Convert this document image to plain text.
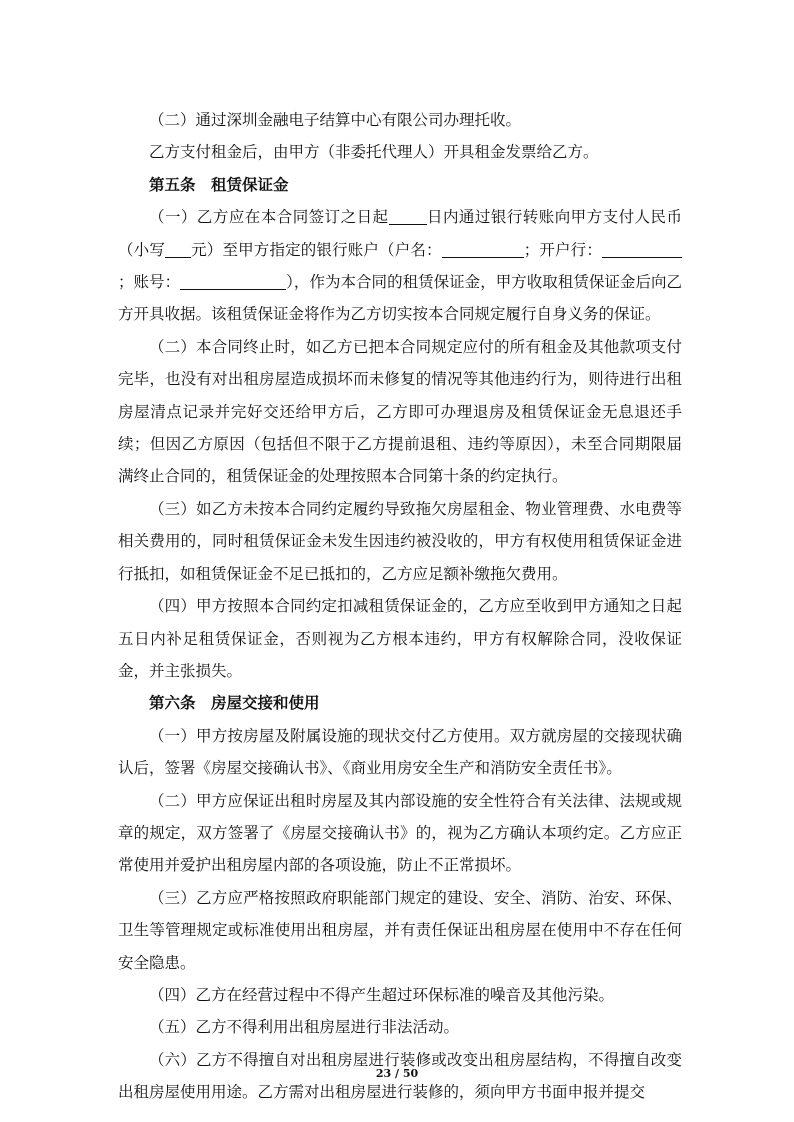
（二）通过深圳金融电子结算中心有限公司办理托收。

乙方支付租金后，由甲方（非委托代理人）开具租金发票给乙方。

第五条　租赁保证金

（一）乙方应在本合同签订之日起 日内通过银行转账向甲方支付人民币（小写 元）至甲方指定的银行账户（户名：	；开户行：；账号：	），作为本合同的租赁保证金，甲方收取租赁保证金后向乙方开具收据。该租赁保证金将作为乙方切实按本合同规定履行自身义务的保证。

（二）本合同终止时，如乙方已把本合同规定应付的所有租金及其他款项支付完毕，也没有对出租房屋造成损坏而未修复的情况等其他违约行为，则待进行出租房屋清点记录并完好交还给甲方后，乙方即可办理退房及租赁保证金无息退还手续；但因乙方原因（包括但不限于乙方提前退租、违约等原因），未至合同期限届满终止合同的，租赁保证金的处理按照本合同第十条的约定执行。

（三）如乙方未按本合同约定履约导致拖欠房屋租金、物业管理费、水电费等相关费用的，同时租赁保证金未发生因违约被没收的，甲方有权使用租赁保证金进行抵扣，如租赁保证金不足已抵扣的，乙方应足额补缴拖欠费用。

（四）甲方按照本合同约定扣减租赁保证金的，乙方应至收到甲方通知之日起五日内补足租赁保证金，否则视为乙方根本违约，甲方有权解除合同，没收保证金，并主张损失。

第六条　房屋交接和使用

（一）甲方按房屋及附属设施的现状交付乙方使用。双方就房屋的交接现状确认后，签署《房屋交接确认书》、《商业用房安全生产和消防安全责任书》。

（二）甲方应保证出租时房屋及其内部设施的安全性符合有关法律、法规或规章的规定，双方签署了《房屋交接确认书》的，视为乙方确认本项约定。乙方应正常使用并爱护出租房屋内部的各项设施，防止不正常损坏。

（三）乙方应严格按照政府职能部门规定的建设、安全、消防、治安、环保、卫生等管理规定或标准使用出租房屋，并有责任保证出租房屋在使用中不存在任何安全隐患。

（四）乙方在经营过程中不得产生超过环保标准的噪音及其他污染。

（五）乙方不得利用出租房屋进行非法活动。

（六）乙方不得擅自对出租房屋进行装修或改变出租房屋结构，不得擅自改变出租房屋使用用途。乙方需对出租房屋进行装修的，须向甲方书面申报并提交

23 / 50
